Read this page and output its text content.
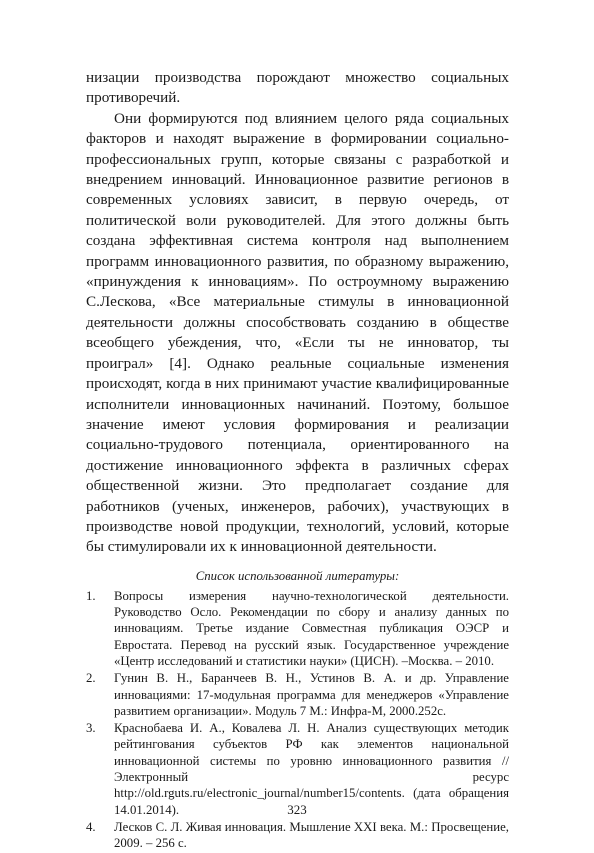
низации производства порождают множество социальных противоречий.

Они формируются под влиянием целого ряда социальных факторов и находят выражение в формировании социально-профессиональных групп, которые связаны с разработкой и внедрением инноваций. Инновационное развитие регионов в современных условиях зависит, в первую очередь, от политической воли руководителей. Для этого должны быть создана эффективная система контроля над выполнением программ инновационного развития, по образному выражению, «принуждения к инновациям». По остроумному выражению С.Лескова, «Все материальные стимулы в инновационной деятельности должны способствовать созданию в обществе всеобщего убеждения, что, «Если ты не инноватор, ты проиграл» [4]. Однако реальные социальные изменения происходят, когда в них принимают участие квалифицированные исполнители инновационных начинаний. Поэтому, большое значение имеют условия формирования и реализации социально-трудового потенциала, ориентированного на достижение инновационного эффекта в различных сферах общественной жизни. Это предполагает создание для работников (ученых, инженеров, рабочих), участвующих в производстве новой продукции, технологий, условий, которые бы стимулировали их к инновационной деятельности.

Список использованной литературы:
1.	Вопросы измерения научно-технологической деятельности. Руководство Осло. Рекомендации по сбору и анализу данных по инновациям. Третье издание Совместная публикация ОЭСР и Евростата. Перевод на русский язык. Государственное учреждение «Центр исследований и статистики науки» (ЦИСН). –Москва. – 2010.
2.	Гунин В. Н., Баранчеев В. Н., Устинов В. А. и др. Управление инновациями: 17-модульная программа для менеджеров «Управление развитием организации». Модуль 7 М.: Инфра-М, 2000.252с.
3.	Краснобаева И. А., Ковалева Л. Н. Анализ существующих методик рейтингования субъектов РФ как элементов национальной инновационной системы по уровню инновационного развития // Электронный ресурс http://old.rguts.ru/electronic_journal/number15/contents. (дата обращения 14.01.2014).
4.	Лесков С. Л. Живая инновация. Мышление XXI века. М.: Просвещение, 2009. – 256 с.
323
